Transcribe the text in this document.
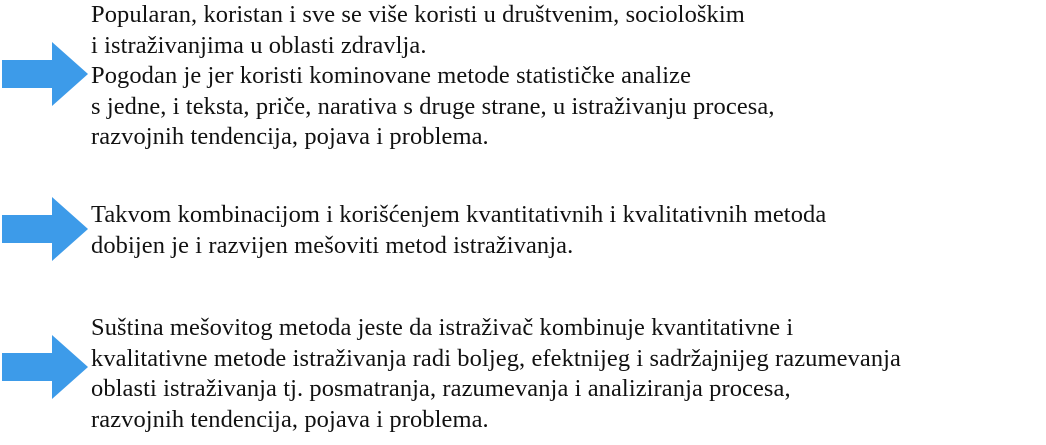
Popularan, koristan i sve se više koristi u društvenim, sociološkim
i istraživanjima u oblasti zdravlja.
Pogodan je jer koristi kominovane metode statističke analize
s jedne, i teksta, priče, narativa s druge strane, u istraživanju procesa,
razvojnih tendencija, pojava i problema.
Takvom kombinacijom i korišćenjem kvantitativnih i kvalitativnih metoda
dobijen je i razvijen mešoviti metod istraživanja.
Suština mešovitog metoda jeste da istraživač kombinuje kvantitativne i
kvalitativne metode istraživanja radi boljeg, efektnijeg i sadržajnijeg razumevanja
oblasti istraživanja tj. posmatranja, razumevanja i analiziranja procesa,
razvojnih tendencija, pojava i problema.
